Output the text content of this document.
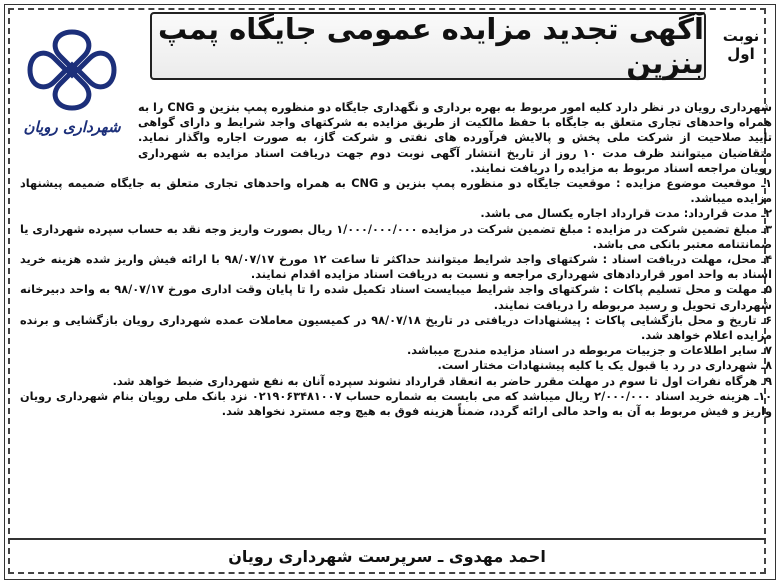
نوبت اول
آگهی تجدید مزایده عمومی جایگاه پمپ بنزین
شهرداری رویان

شهرداری رویان در نظر دارد کلیه امور مربوط به بهره برداری و نگهداری جایگاه دو منظوره پمپ بنزین و CNG را به همراه واحدهای تجاری متعلق به جایگاه با حفظ مالکیت از طریق مزایده به شرکتهای واجد شرایط و دارای گواهی تایید صلاحیت از شرکت ملی پخش و پالایش فرآورده های نفتی و شرکت گاز، به صورت اجاره واگذار نماید. متقاضیان میتوانند ظرف مدت ۱۰ روز از تاریخ انتشار آگهی نوبت دوم جهت دریافت اسناد مزایده به شهرداری رویان مراجعه اسناد مربوط به مزایده را دریافت نمایند.

۱ـ موقعیت موضوع مزایده : موقعیت جایگاه دو منظوره پمپ بنزین و CNG به همراه واحدهای تجاری متعلق به جایگاه ضمیمه پیشنهاد مزایده میباشد.

۲ـ مدت قرارداد: مدت قرارداد اجاره یکسال می باشد.

۳ـ مبلغ تضمین شرکت در مزایده : مبلغ تضمین شرکت در مزایده ۱/۰۰۰/۰۰۰/۰۰۰ ریال بصورت واریز وجه نقد به حساب سپرده شهرداری یا ضمانتنامه معتبر بانکی می باشد.

۴ـ محل، مهلت دریافت اسناد : شرکتهای واجد شرایط میتوانند حداکثر تا ساعت ۱۲ مورخ ۹۸/۰۷/۱۷ با ارائه فیش واریز شده هزینه خرید اسناد به واحد امور قراردادهای شهرداری مراجعه و نسبت به دریافت اسناد مزایده اقدام نمایند.

۵ـ مهلت و محل تسلیم پاکات : شرکتهای واجد شرایط میبایست اسناد تکمیل شده را تا پایان وقت اداری مورخ ۹۸/۰۷/۱۷ به واحد دبیرخانه شهرداری تحویل و رسید مربوطه را دریافت نمایند.

۶ـ تاریخ و محل بازگشایی پاکات : پیشنهادات دریافتی در تاریخ ۹۸/۰۷/۱۸ در کمیسیون معاملات عمده شهرداری رویان بازگشایی و برنده مزایده اعلام خواهد شد.

۷ـ سایر اطلاعات و جزییات مربوطه در اسناد مزایده مندرج میباشد.

۸ـ شهرداری در رد یا قبول یک یا کلیه پیشنهادات مختار است.

۹ـ هرگاه نفرات اول تا سوم در مهلت مقرر حاضر به انعقاد قرارداد نشوند سپرده آنان به نفع شهرداری ضبط خواهد شد.

۱۰ـ هزینه خرید اسناد ۲/۰۰۰/۰۰۰ ریال میباشد که می بایست به شماره حساب ۰۲۱۹۰۶۳۴۸۱۰۰۷ نزد بانک ملی رویان بنام شهرداری رویان واریز و فیش مربوط به آن به واحد مالی ارائه گردد، ضمناً هزینه فوق به هیچ وجه مسترد نخواهد شد.

احمد مهدوی ـ سرپرست شهرداری رویان
